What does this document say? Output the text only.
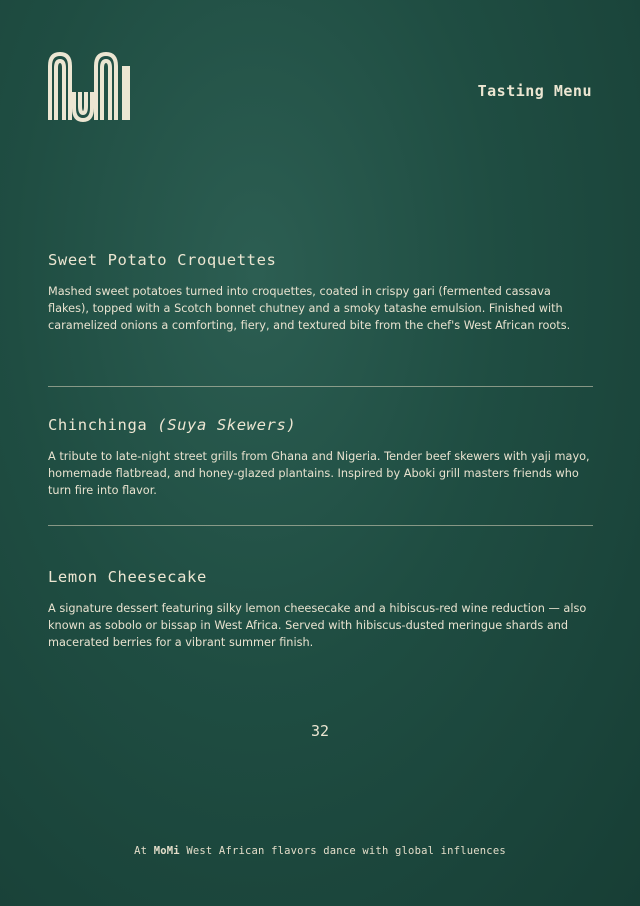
Tasting Menu
Sweet Potato Croquettes

Mashed sweet potatoes turned into croquettes, coated in crispy gari (fermented cassava flakes), topped with a Scotch bonnet chutney and a smoky tatashe emulsion. Finished with caramelized onions a comforting, fiery, and textured bite from the chef's West African roots.

Chinchinga (Suya Skewers)

A tribute to late-night street grills from Ghana and Nigeria. Tender beef skewers with yaji mayo, homemade flatbread, and honey-glazed plantains. Inspired by Aboki grill masters friends who turn fire into flavor.

Lemon Cheesecake

A signature dessert featuring silky lemon cheesecake and a hibiscus-red wine reduction — also known as sobolo or bissap in West Africa. Served with hibiscus-dusted meringue shards and macerated berries for a vibrant summer finish.

32
At MoMi West African flavors dance with global influences
